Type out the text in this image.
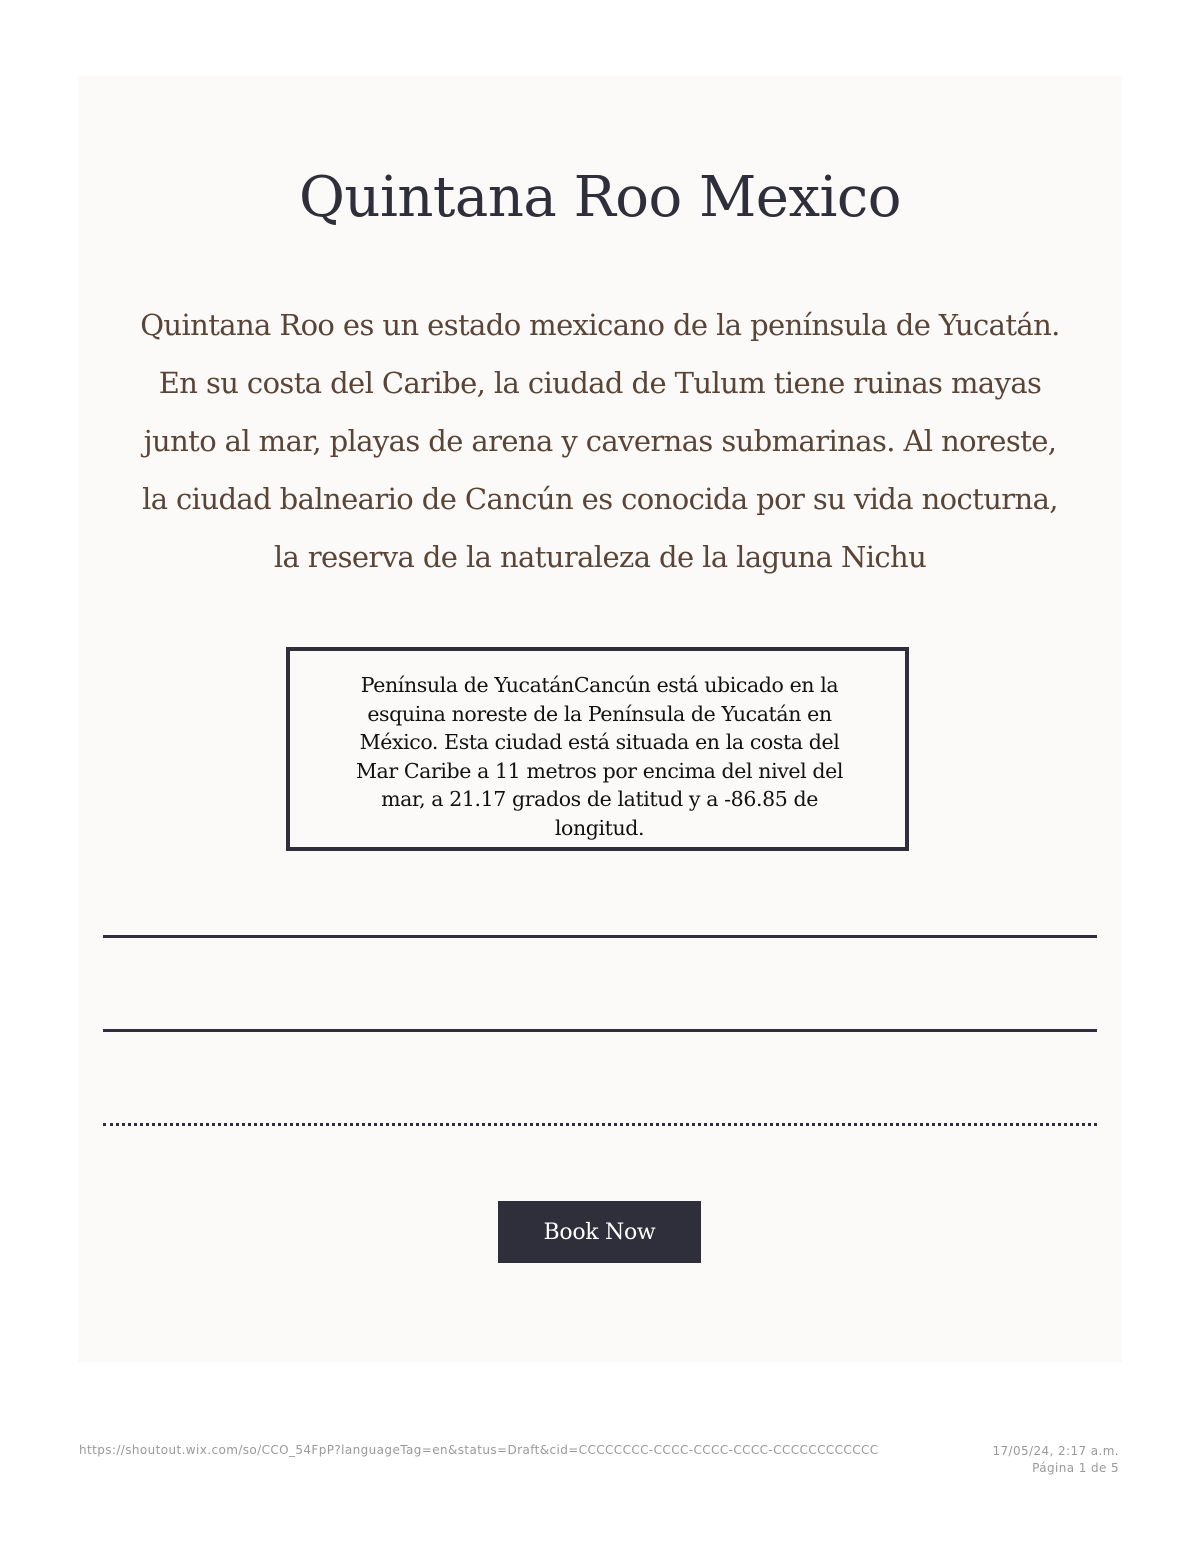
Quintana Roo Mexico
Quintana Roo es un estado mexicano de la península de Yucatán.
En su costa del Caribe, la ciudad de Tulum tiene ruinas mayas
junto al mar, playas de arena y cavernas submarinas. Al noreste,
la ciudad balneario de Cancún es conocida por su vida nocturna,
la reserva de la naturaleza de la laguna Nichu
Península de YucatánCancún está ubicado en la
esquina noreste de la Península de Yucatán en
México. Esta ciudad está situada en la costa del
Mar Caribe a 11 metros por encima del nivel del
mar, a 21.17 grados de latitud y a -86.85 de
longitud.
Book Now
https://shoutout.wix.com/so/CCO_54FpP?languageTag=en&status=Draft&cid=CCCCCCCC-CCCC-CCCC-CCCC-CCCCCCCCCCCC	17/05/24, 2:17 a.m.
Página 1 de 5
